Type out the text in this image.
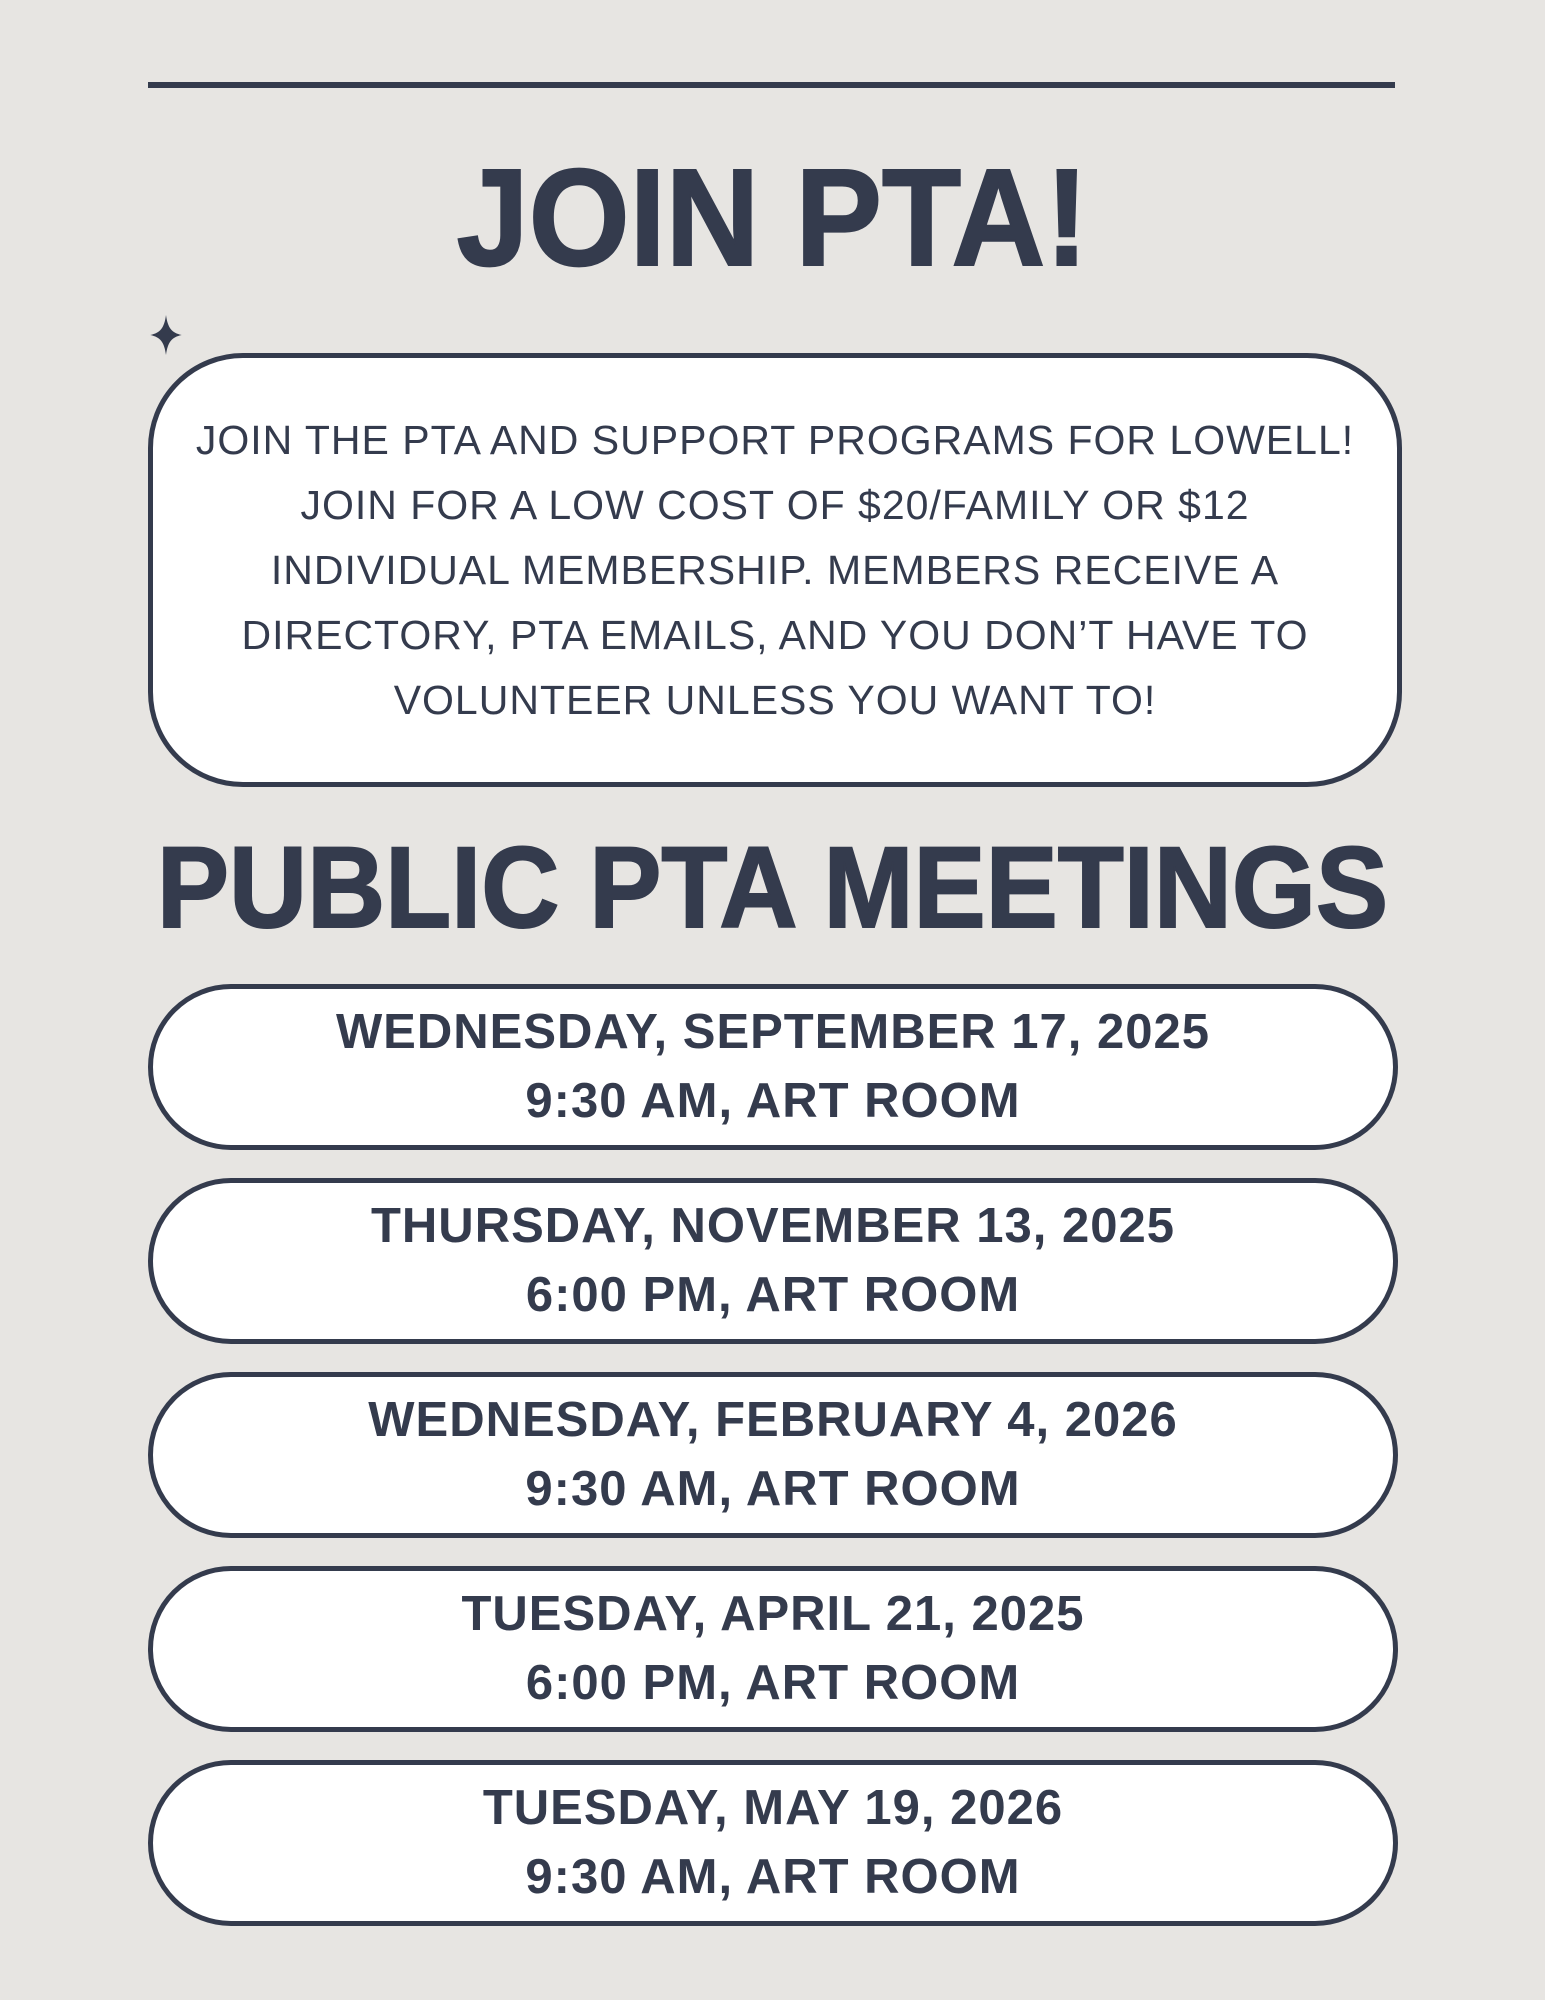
JOIN PTA!
JOIN THE PTA AND SUPPORT PROGRAMS FOR LOWELL!
JOIN FOR A LOW COST OF $20/FAMILY OR $12
INDIVIDUAL MEMBERSHIP. MEMBERS RECEIVE A
DIRECTORY, PTA EMAILS, AND YOU DON’T HAVE TO
VOLUNTEER UNLESS YOU WANT TO!
PUBLIC PTA MEETINGS
WEDNESDAY, SEPTEMBER 17, 2025
9:30 AM, ART ROOM
THURSDAY, NOVEMBER 13, 2025
6:00 PM, ART ROOM
WEDNESDAY, FEBRUARY 4, 2026
9:30 AM, ART ROOM
TUESDAY, APRIL 21, 2025
6:00 PM, ART ROOM
TUESDAY, MAY 19, 2026
9:30 AM, ART ROOM
